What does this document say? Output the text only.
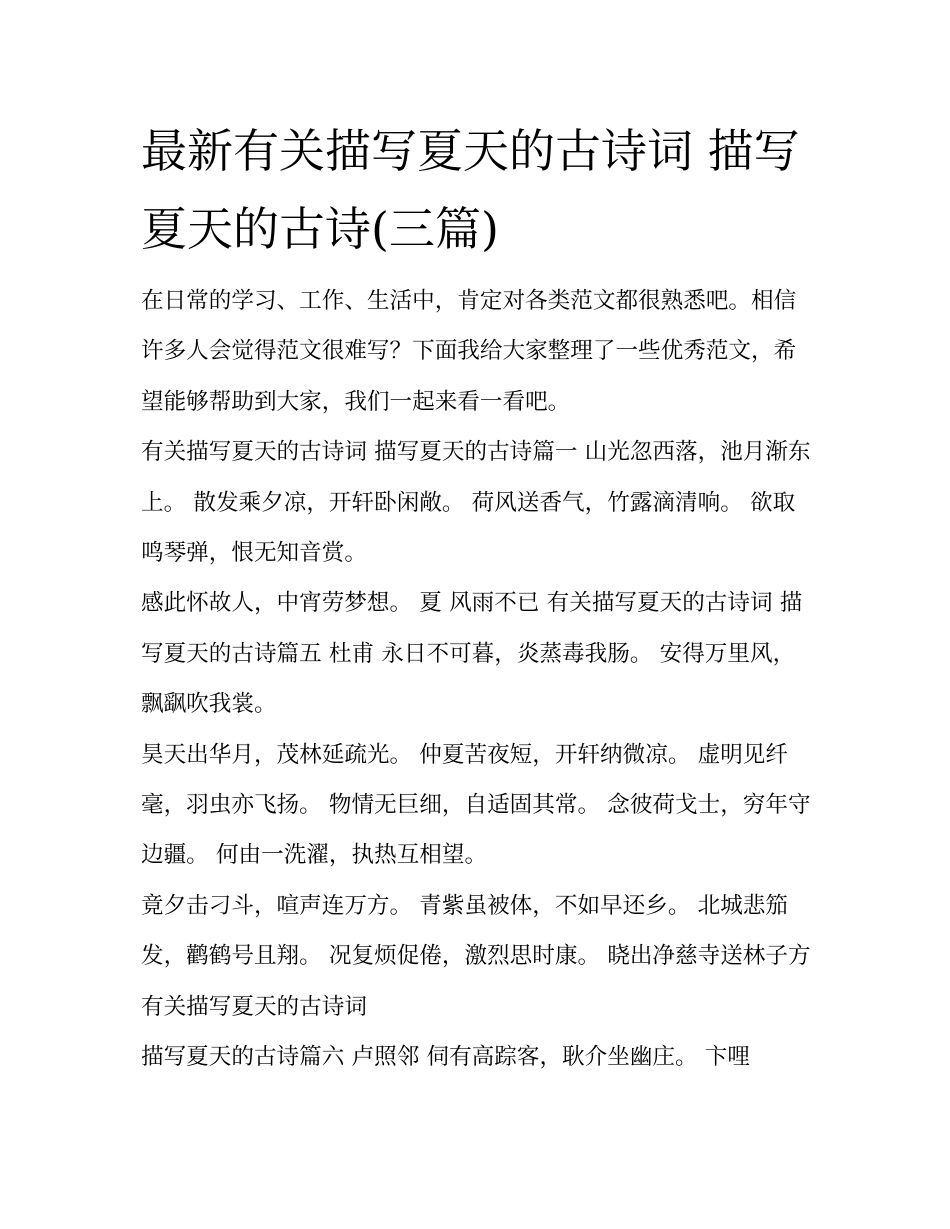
最新有关描写夏天的古诗词 描写夏天的古诗(三篇)

在日常的学习、工作、生活中，肯定对各类范文都很熟悉吧。相信许多人会觉得范文很难写？下面我给大家整理了一些优秀范文，希望能够帮助到大家，我们一起来看一看吧。

有关描写夏天的古诗词 描写夏天的古诗篇一 山光忽西落，池月渐东上。 散发乘夕凉，开轩卧闲敞。 荷风送香气，竹露滴清响。 欲取鸣琴弹，恨无知音赏。

感此怀故人，中宵劳梦想。 夏 风雨不已 有关描写夏天的古诗词 描写夏天的古诗篇五 杜甫 永日不可暮，炎蒸毒我肠。 安得万里风，飘飖吹我裳。

昊天出华月，茂林延疏光。 仲夏苦夜短，开轩纳微凉。 虚明见纤毫，羽虫亦飞扬。 物情无巨细，自适固其常。 念彼荷戈士，穷年守边疆。 何由一洗濯，执热互相望。

竟夕击刁斗，喧声连万方。 青紫虽被体，不如早还乡。 北城悲笳发，鹳鹤号且翔。 况复烦促倦，激烈思时康。 晓出净慈寺送林子方 有关描写夏天的古诗词

描写夏天的古诗篇六 卢照邻 伺有高踪客，耿介坐幽庄。 卞哩
